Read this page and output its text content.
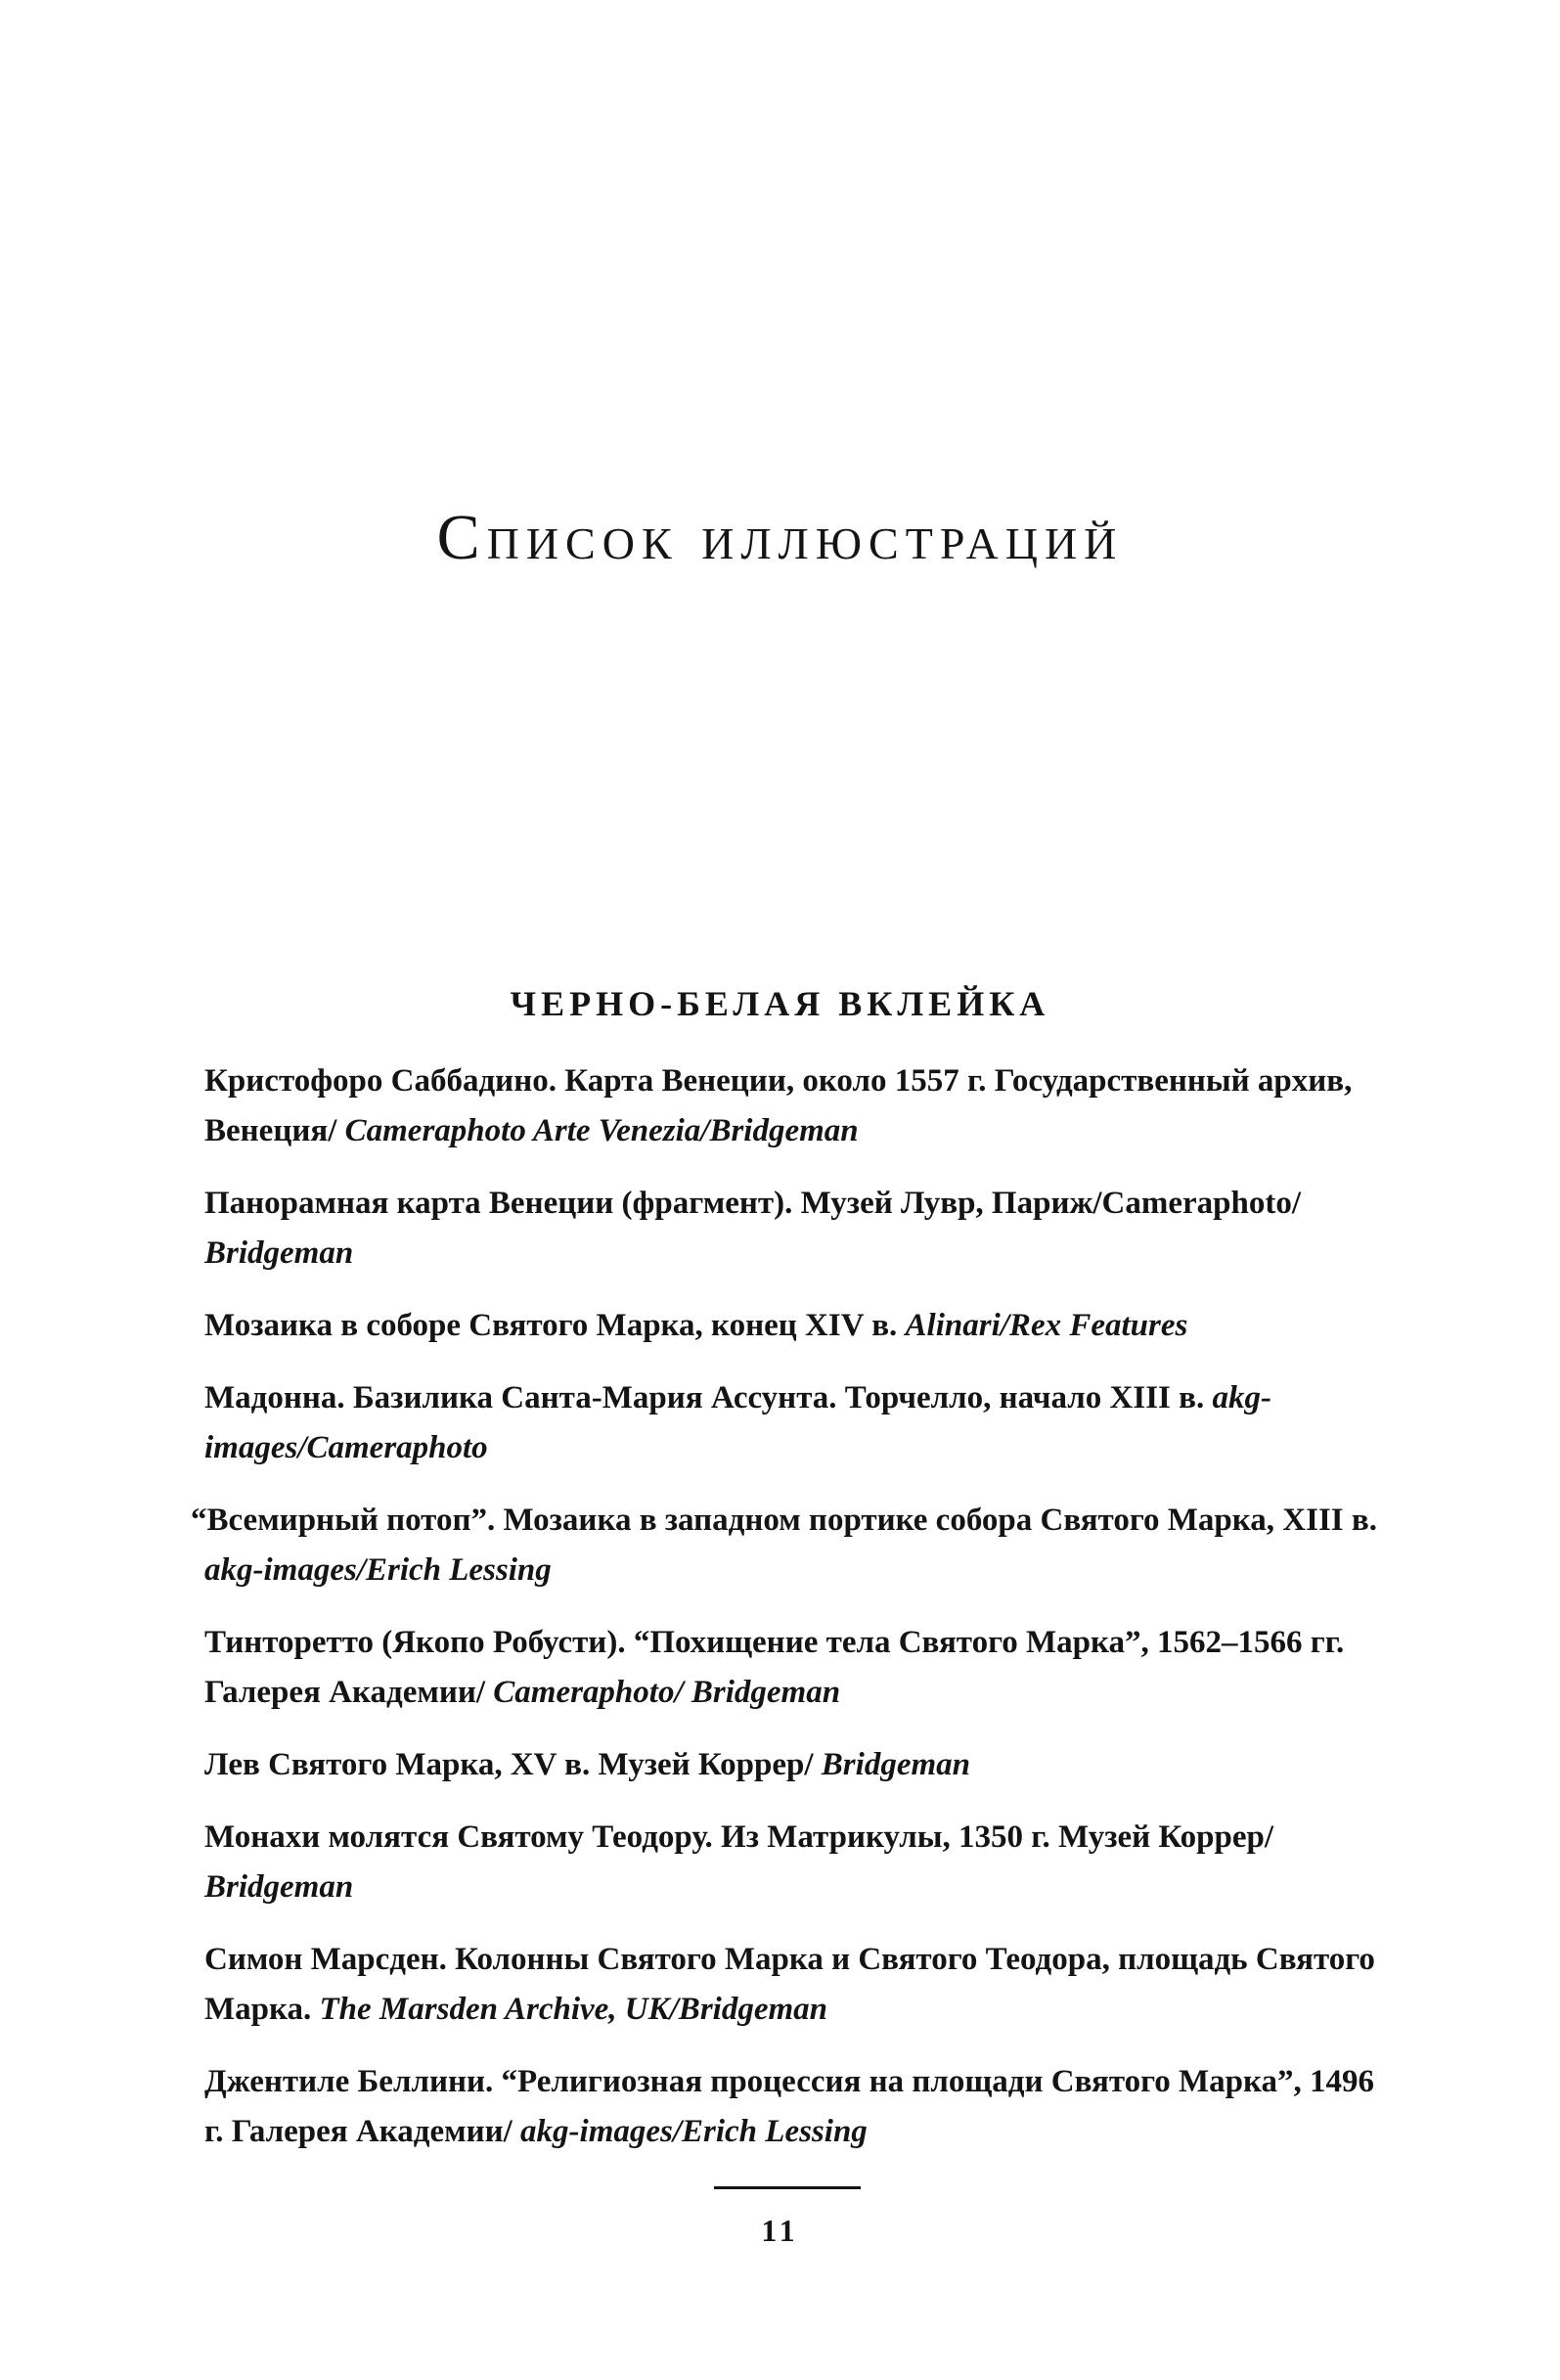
Список иллюстраций
ЧЕРНО-БЕЛАЯ ВКЛЕЙКА
Кристофоро Саббадино. Карта Венеции, около 1557 г. Государственный архив, Венеция/ Cameraphoto Arte Venezia/Bridgeman
Панорамная карта Венеции (фрагмент). Музей Лувр, Париж/Cameraphoto/ Bridgeman
Мозаика в соборе Святого Марка, конец XIV в. Alinari/Rex Features
Мадонна. Базилика Санта-Мария Ассунта. Торчелло, начало XIII в. akg-images/Cameraphoto
“Всемирный потоп”. Мозаика в западном портике собора Святого Марка, XIII в. akg-images/Erich Lessing
Тинторетто (Якопо Робусти). “Похищение тела Святого Марка”, 1562–1566 гг. Галерея Академии/ Cameraphoto/ Bridgeman
Лев Святого Марка, XV в. Музей Коррер/ Bridgeman
Монахи молятся Святому Теодору. Из Матрикулы, 1350 г. Музей Коррер/ Bridgeman
Симон Марсден. Колонны Святого Марка и Святого Теодора, площадь Святого Марка. The Marsden Archive, UK/Bridgeman
Джентиле Беллини. “Религиозная процессия на площади Святого Марка”, 1496 г. Галерея Академии/ akg-images/Erich Lessing
11
